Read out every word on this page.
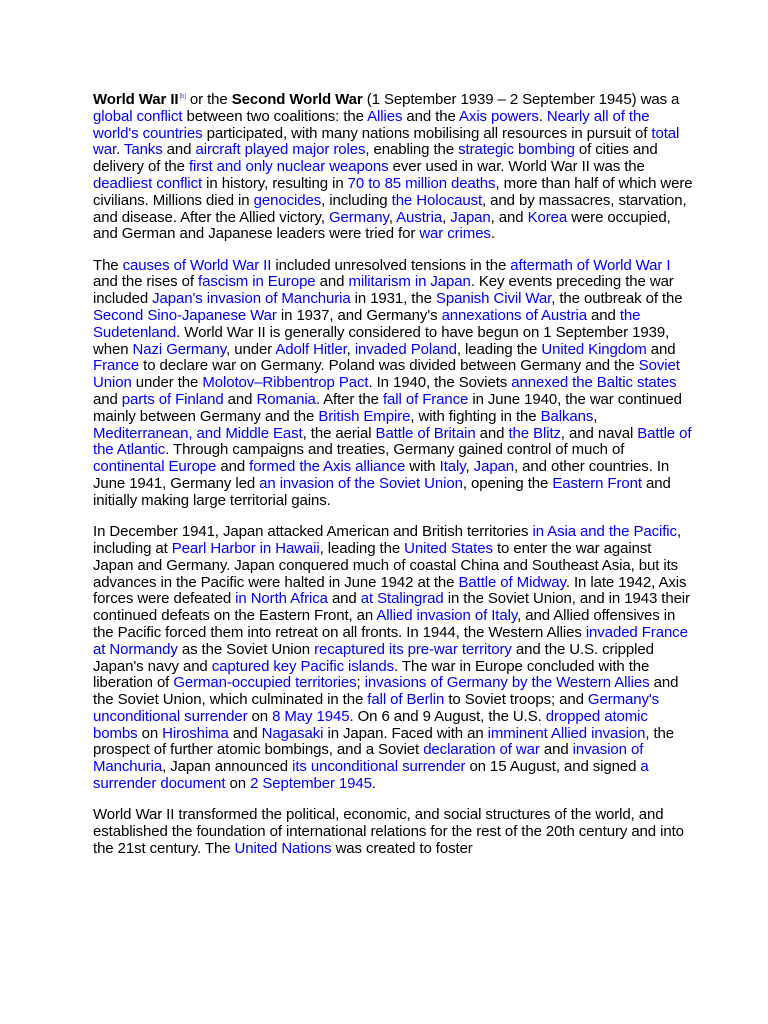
World War II[b] or the Second World War (1 September 1939 – 2 September 1945) was a global conflict between two coalitions: the Allies and the Axis powers. Nearly all of the world's countries participated, with many nations mobilising all resources in pursuit of total war. Tanks and aircraft played major roles, enabling the strategic bombing of cities and delivery of the first and only nuclear weapons ever used in war. World War II was the deadliest conflict in history, resulting in 70 to 85 million deaths, more than half of which were civilians. Millions died in genocides, including the Holocaust, and by massacres, starvation, and disease. After the Allied victory, Germany, Austria, Japan, and Korea were occupied, and German and Japanese leaders were tried for war crimes.

The causes of World War II included unresolved tensions in the aftermath of World War I and the rises of fascism in Europe and militarism in Japan. Key events preceding the war included Japan's invasion of Manchuria in 1931, the Spanish Civil War, the outbreak of the Second Sino-Japanese War in 1937, and Germany's annexations of Austria and the Sudetenland. World War II is generally considered to have begun on 1 September 1939, when Nazi Germany, under Adolf Hitler, invaded Poland, leading the United Kingdom and France to declare war on Germany. Poland was divided between Germany and the Soviet Union under the Molotov–Ribbentrop Pact. In 1940, the Soviets annexed the Baltic states and parts of Finland and Romania. After the fall of France in June 1940, the war continued mainly between Germany and the British Empire, with fighting in the Balkans, Mediterranean, and Middle East, the aerial Battle of Britain and the Blitz, and naval Battle of the Atlantic. Through campaigns and treaties, Germany gained control of much of continental Europe and formed the Axis alliance with Italy, Japan, and other countries. In June 1941, Germany led an invasion of the Soviet Union, opening the Eastern Front and initially making large territorial gains.

In December 1941, Japan attacked American and British territories in Asia and the Pacific, including at Pearl Harbor in Hawaii, leading the United States to enter the war against Japan and Germany. Japan conquered much of coastal China and Southeast Asia, but its advances in the Pacific were halted in June 1942 at the Battle of Midway. In late 1942, Axis forces were defeated in North Africa and at Stalingrad in the Soviet Union, and in 1943 their continued defeats on the Eastern Front, an Allied invasion of Italy, and Allied offensives in the Pacific forced them into retreat on all fronts. In 1944, the Western Allies invaded France at Normandy as the Soviet Union recaptured its pre-war territory and the U.S. crippled Japan's navy and captured key Pacific islands. The war in Europe concluded with the liberation of German-occupied territories; invasions of Germany by the Western Allies and the Soviet Union, which culminated in the fall of Berlin to Soviet troops; and Germany's unconditional surrender on 8 May 1945. On 6 and 9 August, the U.S. dropped atomic bombs on Hiroshima and Nagasaki in Japan. Faced with an imminent Allied invasion, the prospect of further atomic bombings, and a Soviet declaration of war and invasion of Manchuria, Japan announced its unconditional surrender on 15 August, and signed a surrender document on 2 September 1945.

World War II transformed the political, economic, and social structures of the world, and established the foundation of international relations for the rest of the 20th century and into the 21st century. The United Nations was created to foster
